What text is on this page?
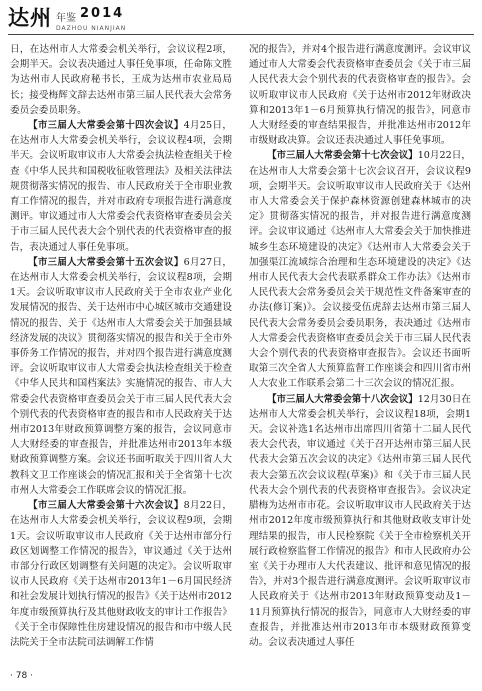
达州 年鉴 2014
DAZHOU NIANJIAN

日，在达州市人大常委会机关举行，会议议程2项，会期半天。会议表决通过人事任免事项，任命陈文胜为达州市人民政府秘书长，王成为达州市农业局局长；接受梅辉文辞去达州市第三届人民代表大会常务委员会委员职务。

【市三届人大常委会第十四次会议】4月25日，在达州市人大常委会机关举行，会议议程4项，会期半天。会议听取审议市人大常委会执法检查组关于检查《中华人民共和国税收征收管理法》及相关法律法规贯彻落实情况的报告、市人民政府关于全市职业教育工作情况的报告，并对市政府专项报告进行满意度测评。审议通过市人大常委会代表资格审查委员会关于市三届人民代表大会个别代表的代表资格审查的报告，表决通过人事任免事项。

【市三届人大常委会第十五次会议】6月27日，在达州市人大常委会机关举行，会议议程8项，会期1天。会议听取审议市人民政府关于全市农业产业化发展情况的报告、关于达州市中心城区城市交通建设情况的报告、关于《达州市人大常委会关于加强县域经济发展的决议》贯彻落实情况的报告和关于全市外事侨务工作情况的报告，并对四个报告进行满意度测评。会议听取审议市人大常委会执法检查组关于检查《中华人民共和国档案法》实施情况的报告、市人大常委会代表资格审查委员会关于市三届人民代表大会个别代表的代表资格审查的报告和市人民政府关于达州市2013年财政预算调整方案的报告，会议同意市人大财经委的审查报告，并批准达州市2013年本级财政预算调整方案。会议还书面听取关于四川省人大教科文卫工作座谈会的情况汇报和关于全省第十七次市州人大常委会工作联席会议的情况汇报。

【市三届人大常委会第十六次会议】8月22日，在达州市人大常委会机关举行，会议议程9项，会期1天。会议听取审议市人民政府《关于达州市部分行政区划调整工作情况的报告》，审议通过《关于达州市部分行政区划调整有关问题的决定》。会议听取审议市人民政府《关于达州市2013年1－6月国民经济和社会发展计划执行情况的报告》《关于达州市2012年度市级预算执行及其他财政收支的审计工作报告》《关于全市保障性住房建设情况的报告和市中级人民法院关于全市法院司法调解工作情

况的报告》，并对4个报告进行满意度测评。会议审议通过市人大常委会代表资格审查委员会《关于市三届人民代表大会个别代表的代表资格审查的报告》。会议听取审议市人民政府《关于达州市2012年财政决算和2013年1－6月预算执行情况的报告》，同意市人大财经委的审查结果报告，并批准达州市2012年市级财政决算。会议还表决通过人事任免事项。

【市三届人大常委会第十七次会议】10月22日，在达州市人大常委会第十七次会议召开，会议议程9项，会期半天。会议听取审议市人民政府关于《达州市人大常委会关于保护森林资源创建森林城市的决定》贯彻落实情况的报告，并对报告进行满意度测评。会议审议通过《达州市人大常委会关于加快推进城乡生态环境建设的决定》《达州市人大常委会关于加强渠江流域综合治理和生态环境建设的决定》《达州市人民代表大会代表联系群众工作办法》《达州市人民代表大会常务委员会关于规范性文件备案审查的办法(修订案)》。会议接受伍虎辞去达州市第三届人民代表大会常务委员会委员职务，表决通过《达州市人大常委会代表资格审查委员会关于市三届人民代表大会个别代表的代表资格审查报告》。会议还书面听取第三次全省人大预算监督工作座谈会和四川省市州人大农业工作联系会第二十三次会议的情况汇报。

【市三届人大常委会第十八次会议】12月30日在达州市人大常委会机关举行，会议议程18项，会期1天。会议补选1名达州市出席四川省第十二届人民代表大会代表，审议通过《关于召开达州市第三届人民代表大会第五次会议的决定》《达州市第三届人民代表大会第五次会议议程(草案)》和《关于市三届人民代表大会个别代表的代表资格审查报告》。会议决定腊梅为达州市市花。会议听取审议市人民政府关于达州市2012年度市级预算执行和其他财政收支审计处理结果的报告，市人民检察院《关于全市检察机关开展行政检察监督工作情况的报告》和市人民政府办公室《关于办理市人大代表建议、批评和意见情况的报告》，并对3个报告进行满意度测评。会议听取审议市人民政府关于《达州市2013年财政预算变动及1－11月预算执行情况的报告》，同意市人大财经委的审查报告，并批准达州市2013年市本级财政预算变动。会议表决通过人事任

· 78 ·
